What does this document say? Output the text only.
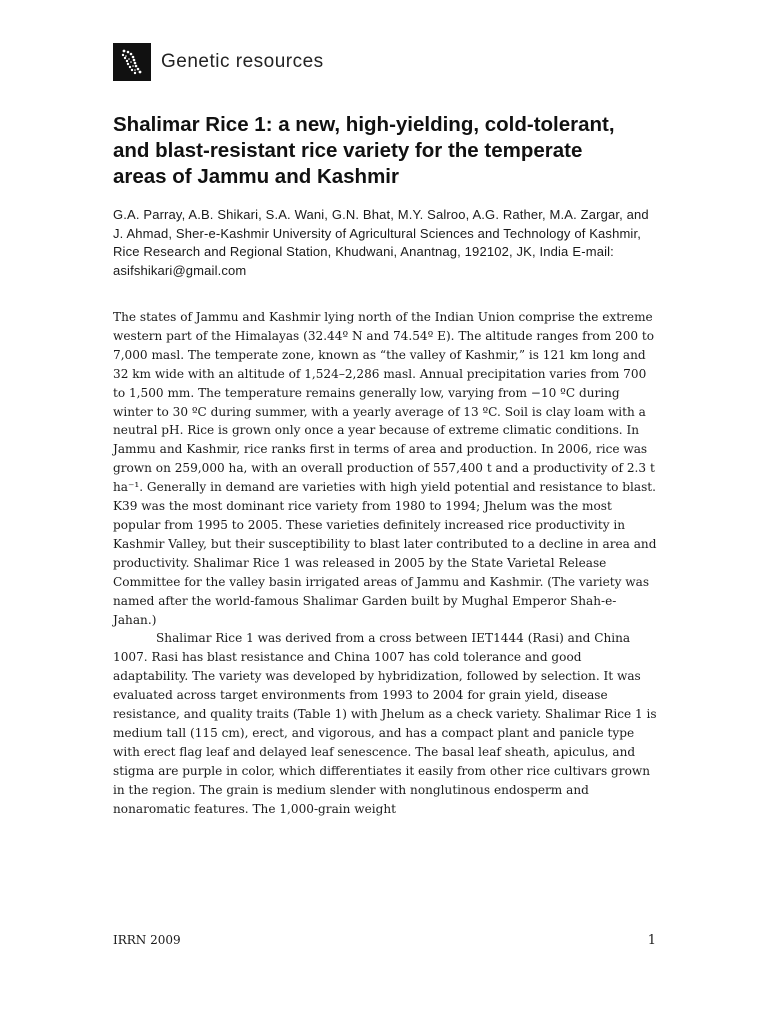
Genetic resources
Shalimar Rice 1: a new, high-yielding, cold-tolerant, and blast-resistant rice variety for the temperate areas of Jammu and Kashmir

G.A. Parray, A.B. Shikari, S.A. Wani, G.N. Bhat, M.Y. Salroo, A.G. Rather, M.A. Zargar, and J. Ahmad, Sher-e-Kashmir University of Agricultural Sciences and Technology of Kashmir, Rice Research and Regional Station, Khudwani, Anantnag, 192102, JK, India E-mail: asifshikari@gmail.com

The states of Jammu and Kashmir lying north of the Indian Union comprise the extreme western part of the Himalayas (32.44º N and 74.54º E). The altitude ranges from 200 to 7,000 masl. The temperate zone, known as “the valley of Kashmir,” is 121 km long and 32 km wide with an altitude of 1,524–2,286 masl. Annual precipitation varies from 700 to 1,500 mm. The temperature remains generally low, varying from −10 ºC during winter to 30 ºC during summer, with a yearly average of 13 ºC. Soil is clay loam with a neutral pH. Rice is grown only once a year because of extreme climatic conditions. In Jammu and Kashmir, rice ranks first in terms of area and production. In 2006, rice was grown on 259,000 ha, with an overall production of 557,400 t and a productivity of 2.3 t ha⁻¹. Generally in demand are varieties with high yield potential and resistance to blast. K39 was the most dominant rice variety from 1980 to 1994; Jhelum was the most popular from 1995 to 2005. These varieties definitely increased rice productivity in Kashmir Valley, but their susceptibility to blast later contributed to a decline in area and productivity. Shalimar Rice 1 was released in 2005 by the State Varietal Release Committee for the valley basin irrigated areas of Jammu and Kashmir. (The variety was named after the world-famous Shalimar Garden built by Mughal Emperor Shah-e-Jahan.)

Shalimar Rice 1 was derived from a cross between IET1444 (Rasi) and China 1007. Rasi has blast resistance and China 1007 has cold tolerance and good adaptability. The variety was developed by hybridization, followed by selection. It was evaluated across target environments from 1993 to 2004 for grain yield, disease resistance, and quality traits (Table 1) with Jhelum as a check variety. Shalimar Rice 1 is medium tall (115 cm), erect, and vigorous, and has a compact plant and panicle type with erect flag leaf and delayed leaf senescence. The basal leaf sheath, apiculus, and stigma are purple in color, which differentiates it easily from other rice cultivars grown in the region. The grain is medium slender with nonglutinous endosperm and nonaromatic features. The 1,000-grain weight

IRRN 2009	1
